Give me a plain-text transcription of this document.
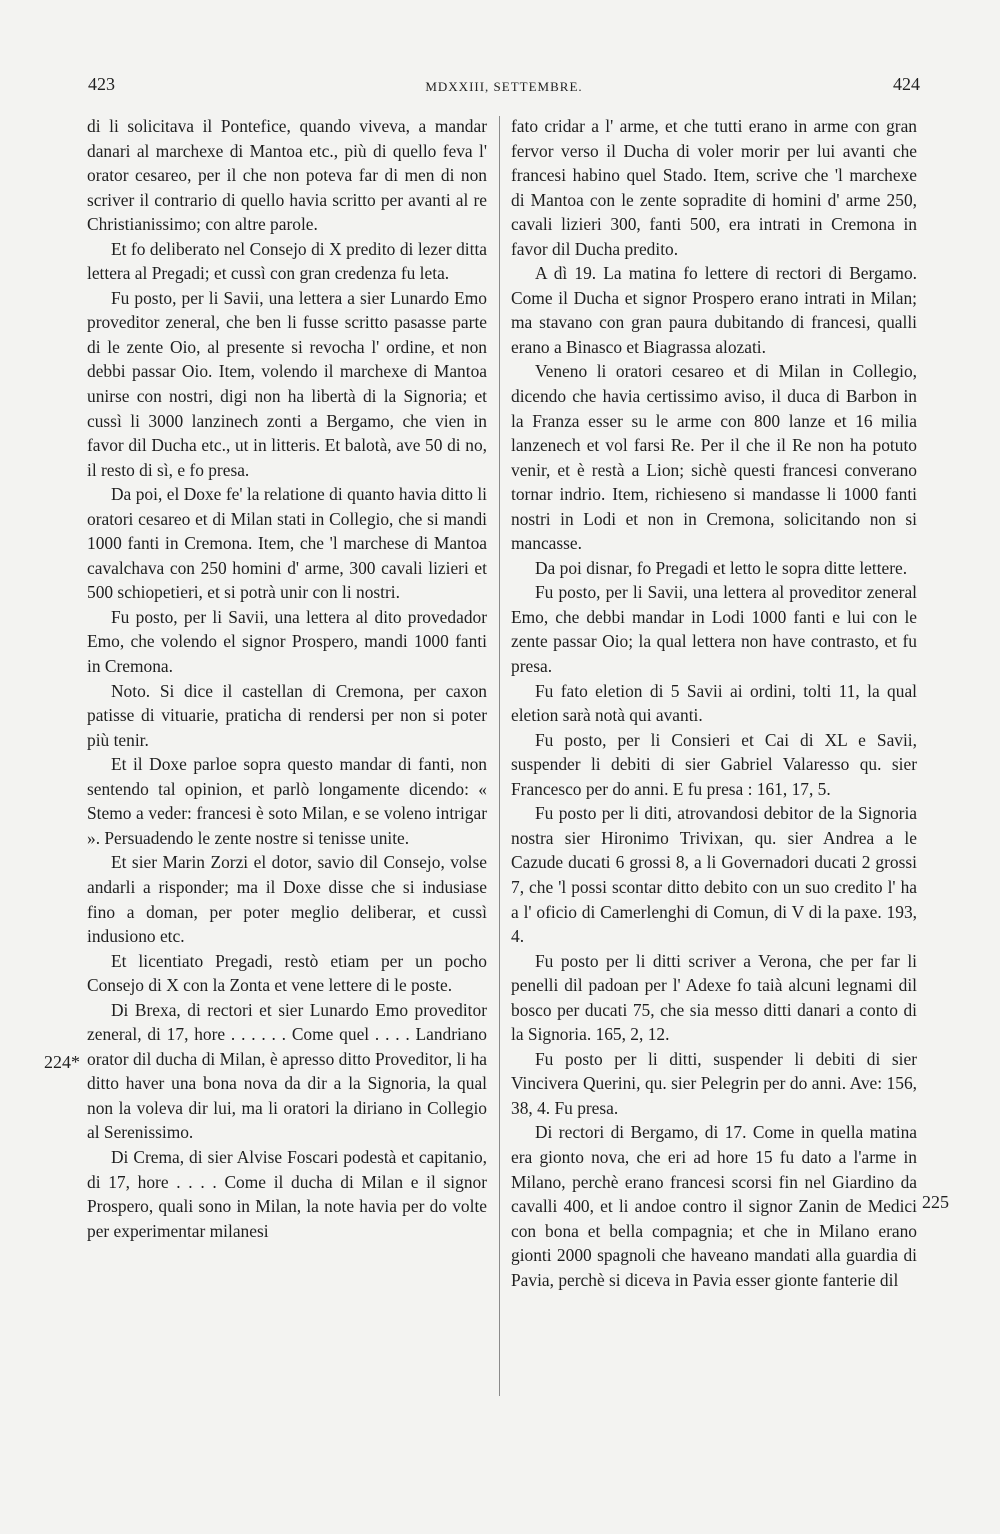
423	MDXXIII, SETTEMBRE.	424
224*
225

di li solicitava il Pontefice, quando viveva, a mandar danari al marchexe di Mantoa etc., più di quello feva l' orator cesareo, per il che non poteva far di men di non scriver il contrario di quello havia scritto per avanti al re Christianissimo; con altre parole.

Et fo deliberato nel Consejo di X predito di lezer ditta lettera al Pregadi; et cussì con gran credenza fu leta.

Fu posto, per li Savii, una lettera a sier Lunardo Emo proveditor zeneral, che ben li fusse scritto pasasse parte di le zente Oio, al presente si revocha l' ordine, et non debbi passar Oio. Item, volendo il marchexe di Mantoa unirse con nostri, digi non ha libertà di la Signoria; et cussì li 3000 lanzinech zonti a Bergamo, che vien in favor dil Ducha etc., ut in litteris. Et balotà, ave 50 di no, il resto di sì, e fo presa.

Da poi, el Doxe fe' la relatione di quanto havia ditto li oratori cesareo et di Milan stati in Collegio, che si mandi 1000 fanti in Cremona. Item, che 'l marchese di Mantoa cavalchava con 250 homini d' arme, 300 cavali lizieri et 500 schiopetieri, et si potrà unir con li nostri.

Fu posto, per li Savii, una lettera al dito provedador Emo, che volendo el signor Prospero, mandi 1000 fanti in Cremona.

Noto. Si dice il castellan di Cremona, per caxon patisse di vituarie, praticha di rendersi per non si poter più tenir.

Et il Doxe parloe sopra questo mandar di fanti, non sentendo tal opinion, et parlò longamente dicendo: « Stemo a veder: francesi è soto Milan, e se voleno intrigar ». Persuadendo le zente nostre si tenisse unite.

Et sier Marin Zorzi el dotor, savio dil Consejo, volse andarli a risponder; ma il Doxe disse che si indusiase fino a doman, per poter meglio deliberar, et cussì indusiono etc.

Et licentiato Pregadi, restò etiam per un pocho Consejo di X con la Zonta et vene lettere di le poste.

Di Brexa, di rectori et sier Lunardo Emo proveditor zeneral, di 17, hore . . . . . . Come quel . . . . Landriano orator dil ducha di Milan, è apresso ditto Proveditor, li ha ditto haver una bona nova da dir a la Signoria, la qual non la voleva dir lui, ma li oratori la diriano in Collegio al Serenissimo.

Di Crema, di sier Alvise Foscari podestà et capitanio, di 17, hore . . . . Come il ducha di Milan e il signor Prospero, quali sono in Milan, la note havia per do volte per experimentar milanesi

fato cridar a l' arme, et che tutti erano in arme con gran fervor verso il Ducha di voler morir per lui avanti che francesi habino quel Stado. Item, scrive che 'l marchexe di Mantoa con le zente sopradite di homini d' arme 250, cavali lizieri 300, fanti 500, era intrati in Cremona in favor dil Ducha predito.

A dì 19. La matina fo lettere di rectori di Bergamo. Come il Ducha et signor Prospero erano intrati in Milan; ma stavano con gran paura dubitando di francesi, qualli erano a Binasco et Biagrassa alozati.

Veneno li oratori cesareo et di Milan in Collegio, dicendo che havia certissimo aviso, il duca di Barbon in la Franza esser su le arme con 800 lanze et 16 milia lanzenech et vol farsi Re. Per il che il Re non ha potuto venir, et è restà a Lion; sichè questi francesi converano tornar indrio. Item, richieseno si mandasse li 1000 fanti nostri in Lodi et non in Cremona, solicitando non si mancasse.

Da poi disnar, fo Pregadi et letto le sopra ditte lettere.

Fu posto, per li Savii, una lettera al proveditor zeneral Emo, che debbi mandar in Lodi 1000 fanti e lui con le zente passar Oio; la qual lettera non have contrasto, et fu presa.

Fu fato eletion di 5 Savii ai ordini, tolti 11, la qual eletion sarà notà qui avanti.

Fu posto, per li Consieri et Cai di XL e Savii, suspender li debiti di sier Gabriel Valaresso qu. sier Francesco per do anni. E fu presa : 161, 17, 5.

Fu posto per li diti, atrovandosi debitor de la Signoria nostra sier Hironimo Trivixan, qu. sier Andrea a le Cazude ducati 6 grossi 8, a li Governadori ducati 2 grossi 7, che 'l possi scontar ditto debito con un suo credito l' ha a l' oficio di Camerlenghi di Comun, di V di la paxe. 193, 4.

Fu posto per li ditti scriver a Verona, che per far li penelli dil padoan per l' Adexe fo taià alcuni legnami dil bosco per ducati 75, che sia messo ditti danari a conto di la Signoria. 165, 2, 12.

Fu posto per li ditti, suspender li debiti di sier Vincivera Querini, qu. sier Pelegrin per do anni. Ave: 156, 38, 4. Fu presa.

Di rectori di Bergamo, di 17. Come in quella matina era gionto nova, che eri ad hore 15 fu dato a l'arme in Milano, perchè erano francesi scorsi fin nel Giardino da cavalli 400, et li andoe contro il signor Zanin de Medici con bona et bella compagnia; et che in Milano erano gionti 2000 spagnoli che haveano mandati alla guardia di Pavia, perchè si diceva in Pavia esser gionte fanterie dil
